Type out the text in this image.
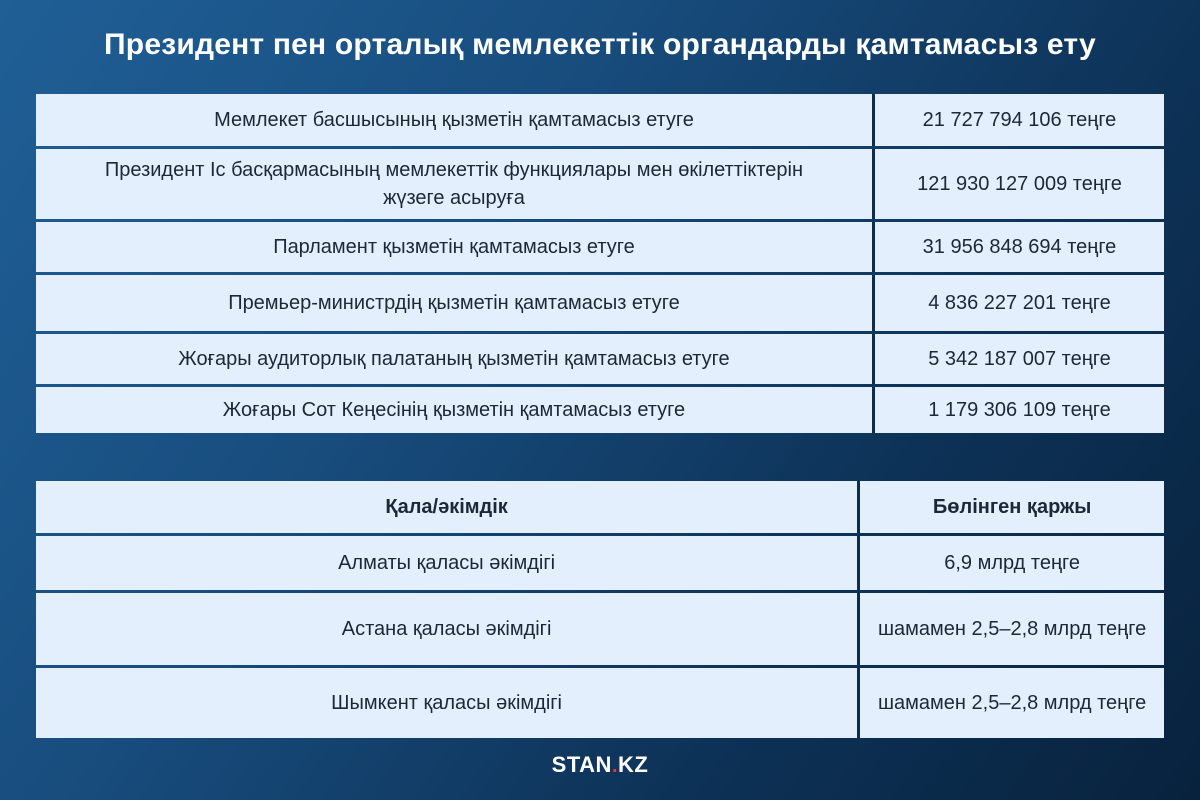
Президент пен орталық мемлекеттік органдарды қамтамасыз ету
Мемлекет басшысының қызметін қамтамасыз етуге	21 727 794 106 теңге
Президент Іс басқармасының мемлекеттік функциялары мен өкілеттіктерін жүзеге асыруға	121 930 127 009 теңге
Парламент қызметін қамтамасыз етуге	31 956 848 694 теңге
Премьер-министрдің қызметін қамтамасыз етуге	4 836 227 201 теңге
Жоғары аудиторлық палатаның қызметін қамтамасыз етуге	5 342 187 007 теңге
Жоғары Сот Кеңесінің қызметін қамтамасыз етуге	1 179 306 109 теңге
Қала/әкімдік	Бөлінген қаржы
Алматы қаласы әкімдігі	6,9 млрд теңге
Астана қаласы әкімдігі	шамамен 2,5–2,8 млрд теңге
Шымкент қаласы әкімдігі	шамамен 2,5–2,8 млрд теңге
STAN.KZ
